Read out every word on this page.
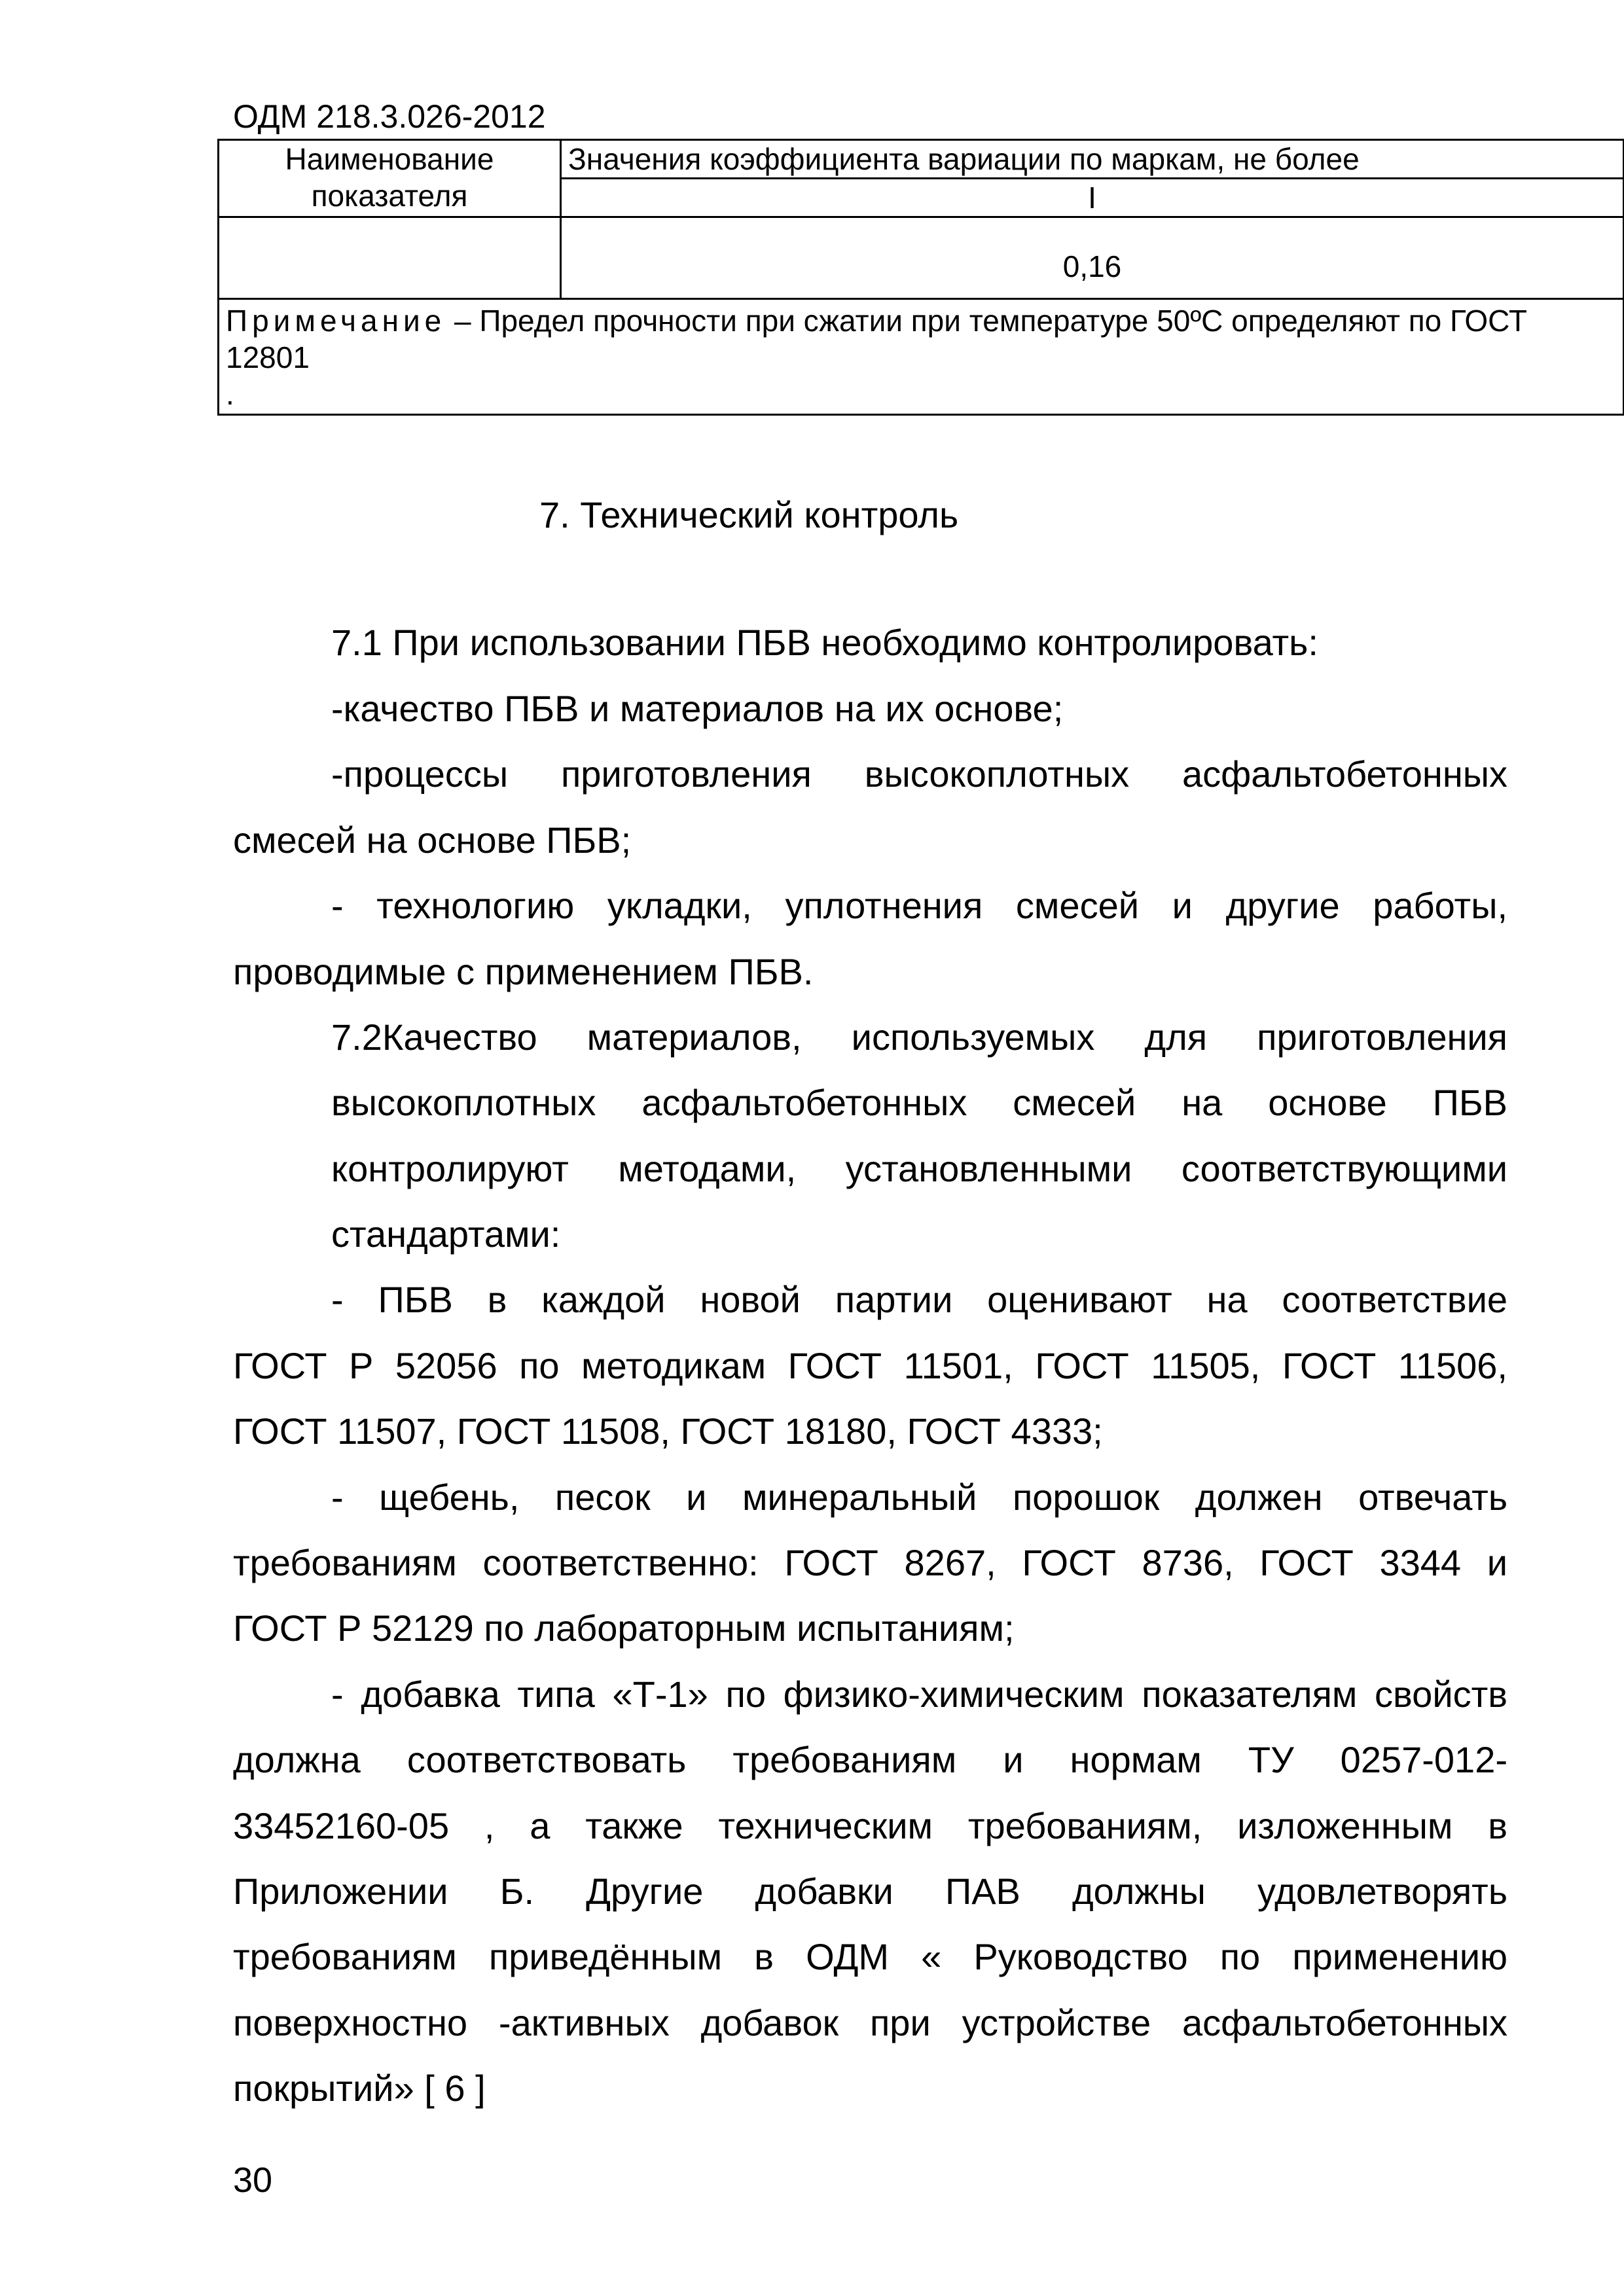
ОДМ 218.3.026-2012
Наименование показателя	Значения коэффициента вариации по маркам, не более
	I
	0,16
Примечание – Предел прочности при сжатии при температуре 50ºС определяют по ГОСТ 12801
.	
7. Технический контроль
7.1 При использовании ПБВ необходимо контролировать:
-качество ПБВ и материалов на их основе;
-процессы приготовления высокоплотных асфальтобетонных
смесей на основе ПБВ;
- технологию укладки, уплотнения смесей и другие работы,
проводимые с применением ПБВ.
7.2Качество материалов, используемых для приготовления
высокоплотных асфальтобетонных смесей на основе ПБВ
контролируют методами, установленными соответствующими
стандартами:
- ПБВ в каждой новой партии оценивают на соответствие
ГОСТ Р 52056 по методикам ГОСТ 11501, ГОСТ 11505, ГОСТ 11506,
ГОСТ 11507, ГОСТ 11508, ГОСТ 18180, ГОСТ 4333;
- щебень, песок и минеральный порошок должен отвечать
требованиям соответственно: ГОСТ 8267, ГОСТ 8736, ГОСТ 3344 и
ГОСТ Р 52129 по лабораторным испытаниям;
- добавка типа «Т-1» по физико-химическим показателям свойств
должна соответствовать требованиям и нормам ТУ 0257-012-
33452160-05 , а также техническим требованиям, изложенным в
Приложении Б. Другие добавки ПАВ должны удовлетворять
требованиям приведённым в ОДМ « Руководство по применению
поверхностно -активных добавок при устройстве асфальтобетонных
покрытий» [ 6 ]
30
